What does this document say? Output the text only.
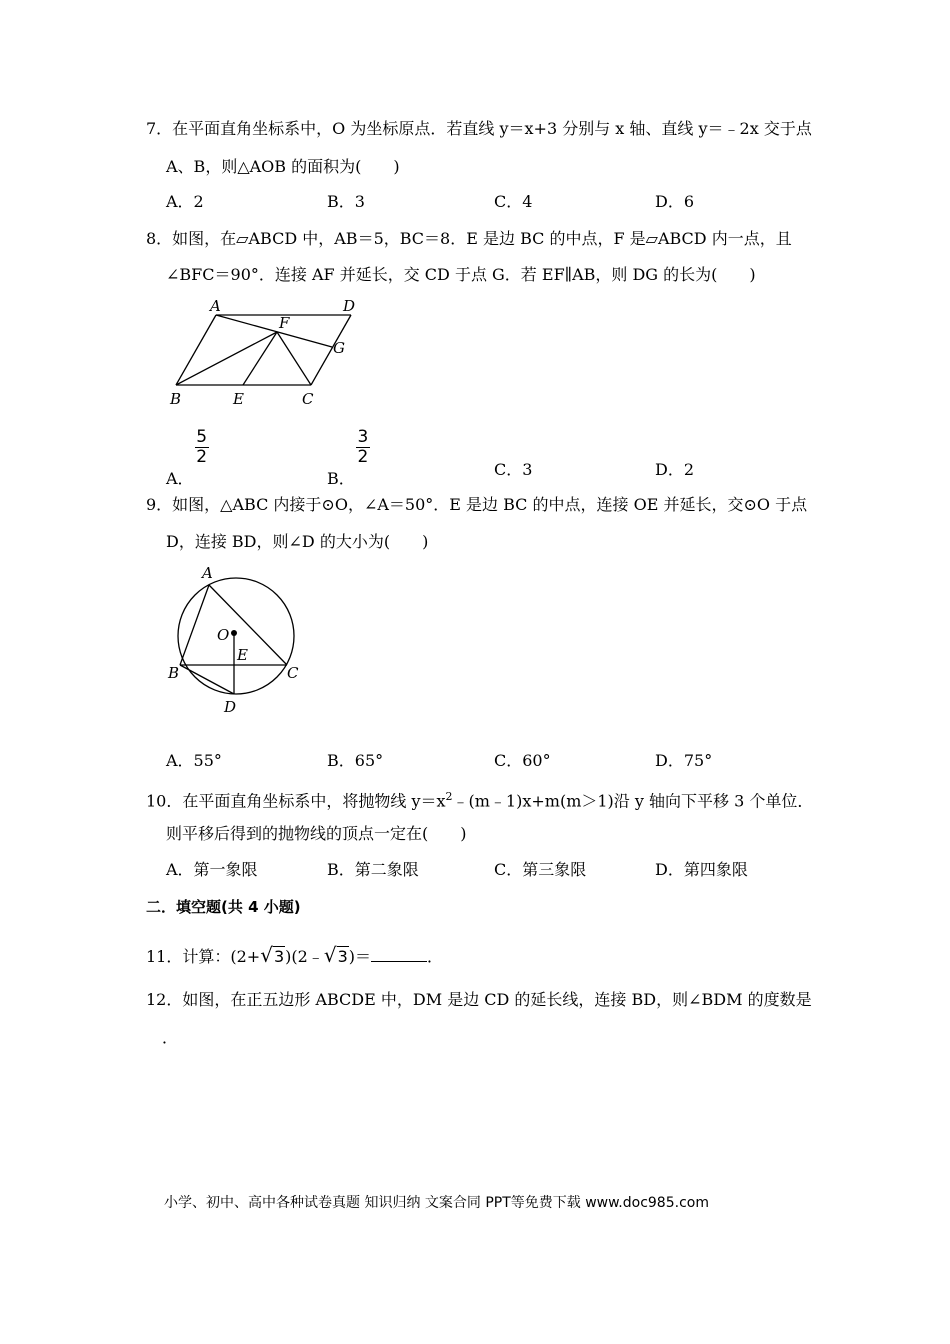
7．在平面直角坐标系中，O 为坐标原点．若直线 y＝x+3 分别与 x 轴、直线 y＝﹣2x 交于点
A、B，则△AOB 的面积为(　　)
A．2	B．3	C．4	D．6
8．如图，在▱ABCD 中，AB＝5，BC＝8．E 是边 BC 的中点，F 是▱ABCD 内一点，且
∠BFC＝90°．连接 AF 并延长，交 CD 于点 G．若 EF∥AB，则 DG 的长为(　　)
A	D
F
G
B	E	C
A．
$\frac{5}{2}$
B．
$\frac{3}{2}$
C．3	D．2
9．如图，△ABC 内接于⊙O，∠A＝50°．E 是边 BC 的中点，连接 OE 并延长，交⊙O 于点
D，连接 BD，则∠D 的大小为(　　)
A
O
E
B	C
D
A．55°	B．65°	C．60°	D．75°
10．在平面直角坐标系中，将抛物线 $y=x^2﹣(m﹣1)x+m(m>1)$沿 y 轴向下平移 3 个单位．
则平移后得到的抛物线的顶点一定在(　　)
A．第一象限	B．第二象限	C．第三象限	D．第四象限
二．填空题(共 4 小题)
11．计算：(2+√3)(2﹣√3)＝	．
12．如图，在正五边形 ABCDE 中，DM 是边 CD 的延长线，连接 BD，则∠BDM 的度数是
．
小学、初中、高中各种试卷真题 知识归纳 文案合同 PPT等免费下载 www.doc985.com
